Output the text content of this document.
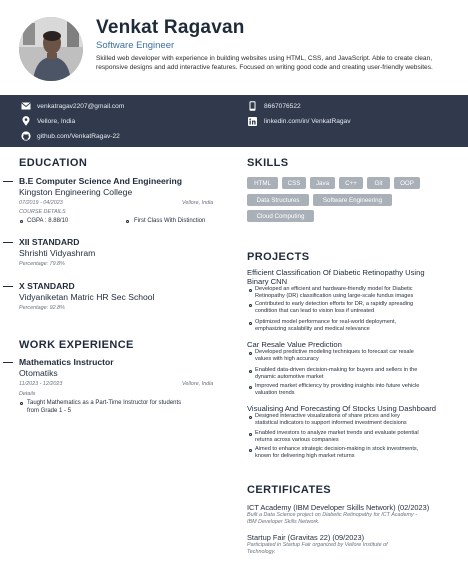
Venkat Ragavan
Software Engineer
Skilled web developer with experience in building websites using HTML, CSS, and JavaScript. Able to create clean, responsive designs and add interactive features. Focused on writing good code and creating user-friendly websites.
venkatragav2207@gmail.com	8667076522
Vellore, India	linkedin.com/in/ VenkatRagav
github.com/VenkatRagav-22
EDUCATION
B.E Computer Science And Engineering
Kingston Engineering College
07/2019 - 04/2023	Vellore, India
COURSE DETAILS
CGPA : 8.88/10	First Class With Distinction
XII STANDARD
Shrishti Vidyashram
Percentage: 79.8%
X STANDARD
Vidyaniketan Matric HR Sec School
Percentage: 92.8%
WORK EXPERIENCE
Mathematics Instructor
Otomatiks
11/2023 - 12/2023	Vellore, India
Details
Taught Mathematics as a Part-Time Instructor for students
from Grade 1 - 5
SKILLS
HTML	CSS	Java	C++	Git	OOP
Data Structures	Software Engineering
Cloud Computing
PROJECTS
Efficient Classification Of Diabetic Retinopathy Using
Binary CNN
Developed an efficient and hardware-friendly model for Diabetic
Retinopathy (DR) classification using large-scale fundus images
Contributed to early detection efforts for DR, a rapidly spreading
condition that can lead to vision loss if untreated
Optimized model performance for real-world deployment,
emphasizing scalability and medical relevance
Car Resale Value Prediction
Developed predictive modeling techniques to forecast car resale
values with high accuracy
Enabled data-driven decision-making for buyers and sellers in the
dynamic automotive market
Improved market efficiency by providing insights into future vehicle
valuation trends
Visualising And Forecasting Of Stocks Using Dashboard
Designed interactive visualizations of share prices and key
statistical indicators to support informed investment decisions
Enabled investors to analyze market trends and evaluate potential
returns across various companies
Aimed to enhance strategic decision-making in stock investments,
known for delivering high market returns
CERTIFICATES
ICT Academy (IBM Developer Skills Network) (02/2023)
Built a Data Science project on Diabetic Retinopathy for ICT Academy -
IBM Developer Skills Network.
Startup Fair (Gravitas 22) (09/2023)
Participated in Startup Fair organized by Vellore Institute of
Technology.
